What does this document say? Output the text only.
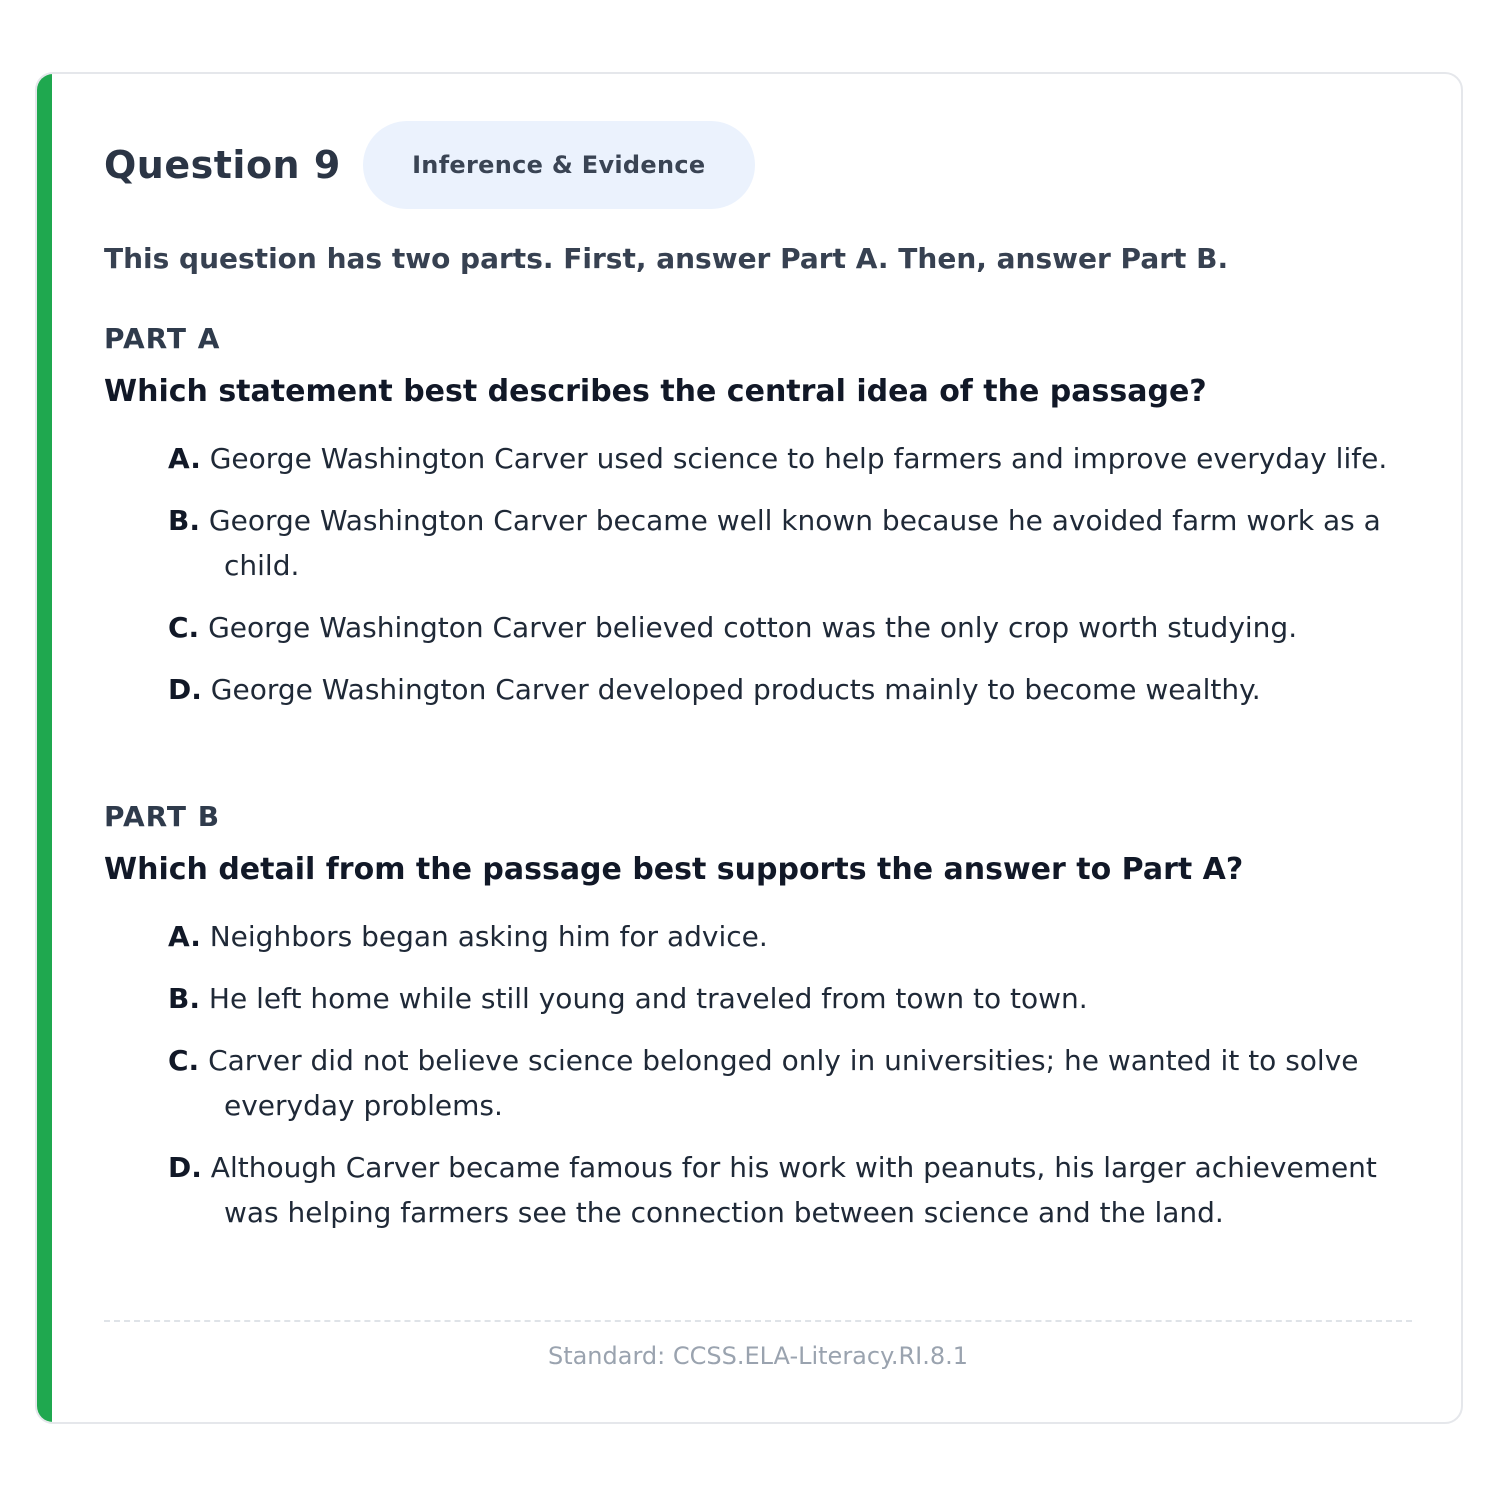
Question 9	Inference & Evidence
This question has two parts. First, answer Part A. Then, answer Part B.
PART A
Which statement best describes the central idea of the passage?
A. George Washington Carver used science to help farmers and improve everyday life.
B. George Washington Carver became well known because he avoided farm work as a child.
C. George Washington Carver believed cotton was the only crop worth studying.
D. George Washington Carver developed products mainly to become wealthy.
PART B
Which detail from the passage best supports the answer to Part A?
A. Neighbors began asking him for advice.
B. He left home while still young and traveled from town to town.
C. Carver did not believe science belonged only in universities; he wanted it to solve everyday problems.
D. Although Carver became famous for his work with peanuts, his larger achievement was helping farmers see the connection between science and the land.
Standard: CCSS.ELA-Literacy.RI.8.1
